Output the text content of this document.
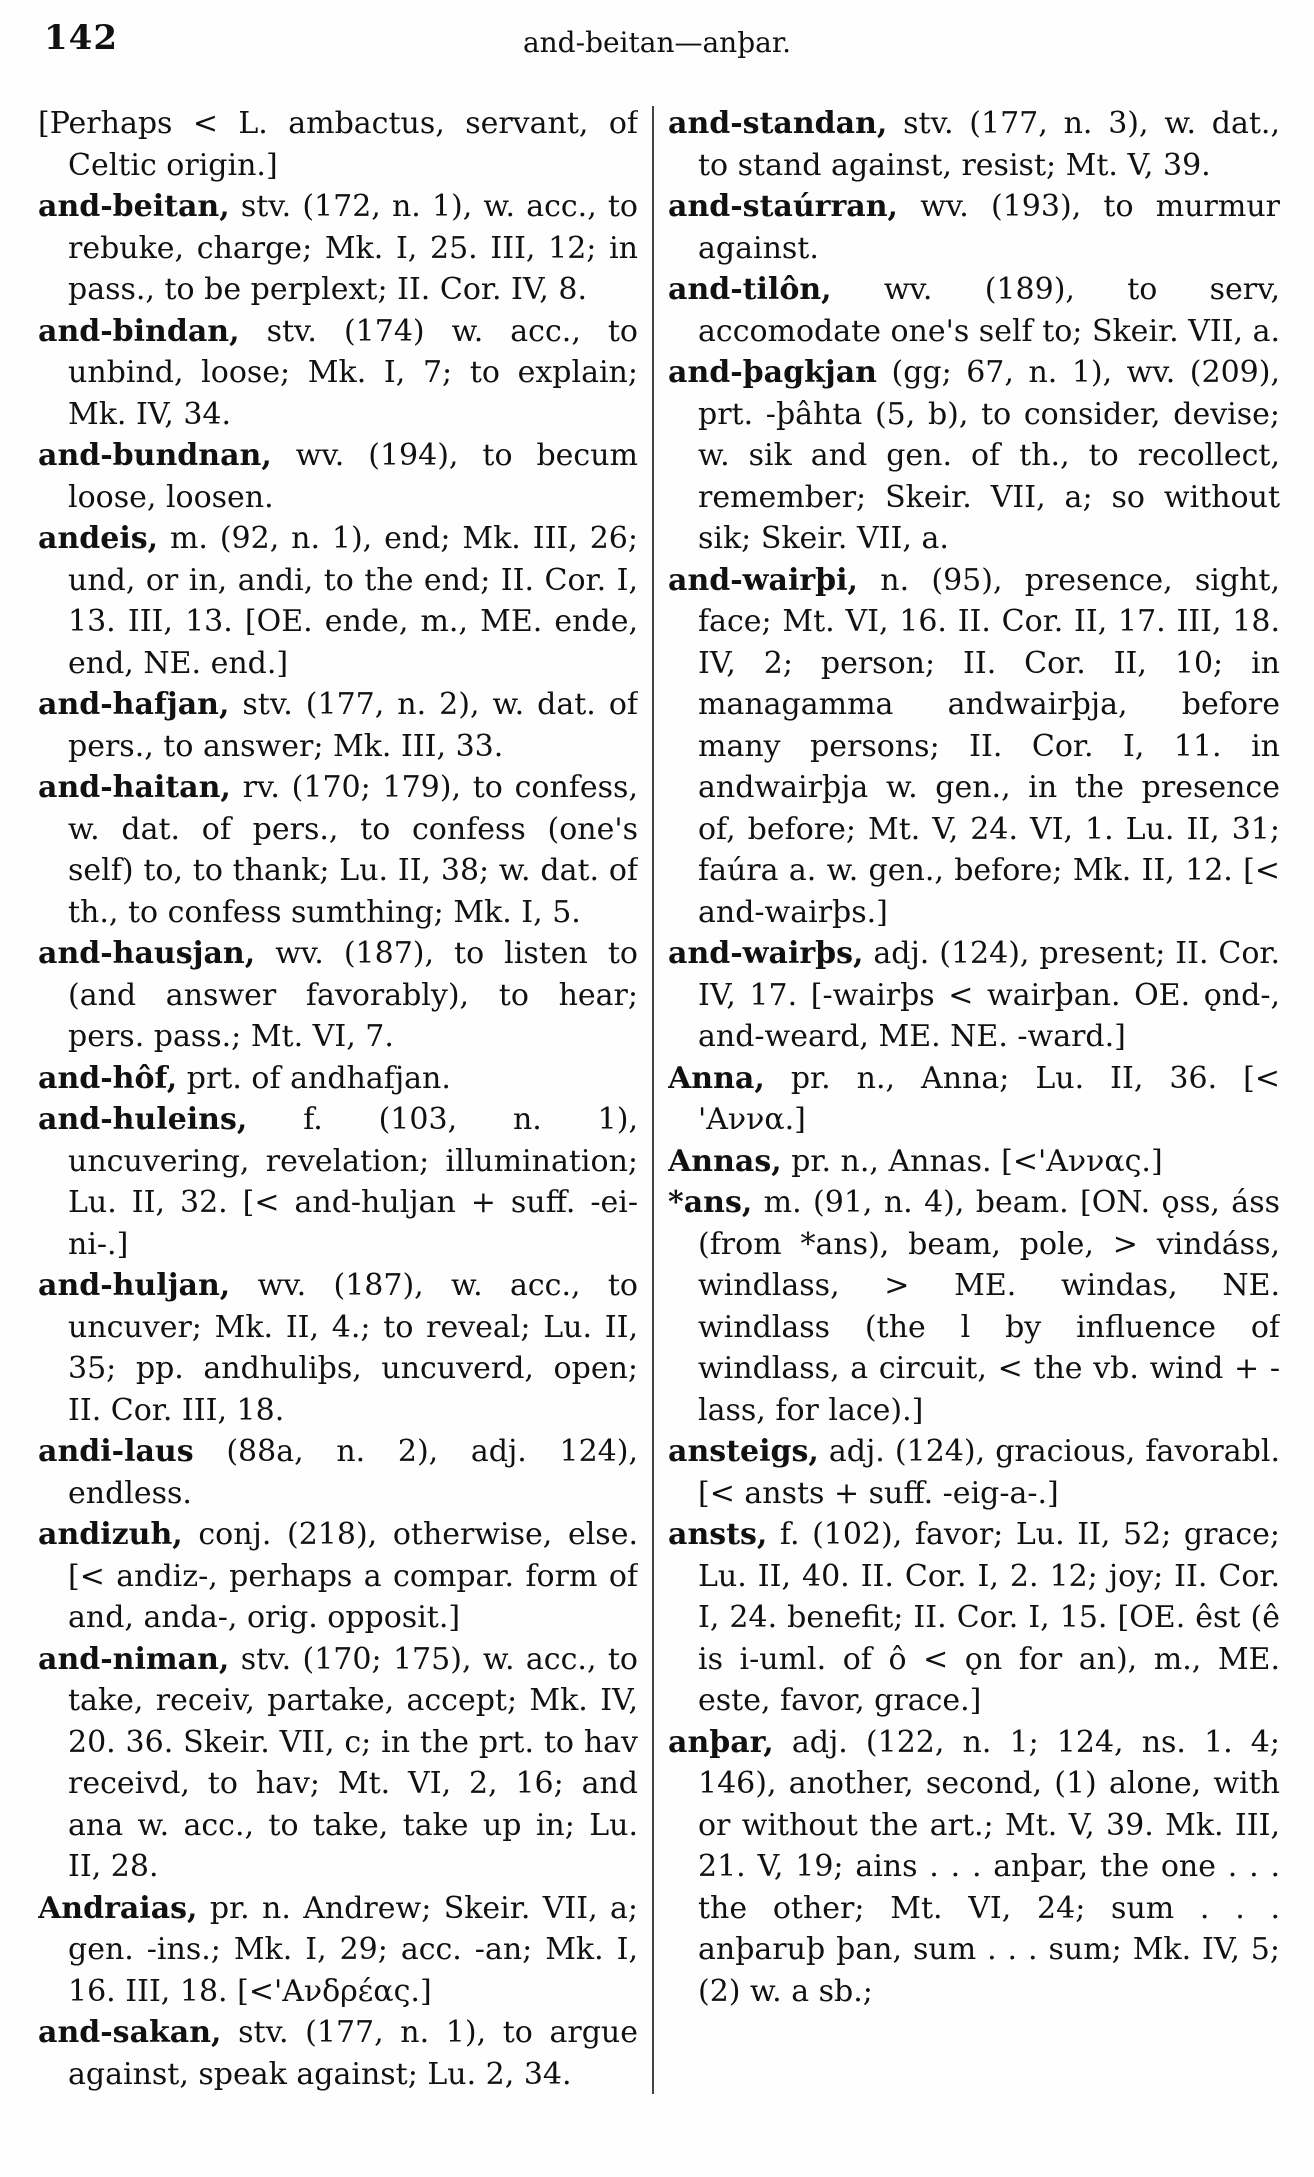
142	and-beitan—anþar.

[Perhaps < L. ambactus, servant, of Celtic origin.]

and-beitan, stv. (172, n. 1), w. acc., to rebuke, charge; Mk. I, 25. III, 12; in pass., to be perplext; II. Cor. IV, 8.

and-bindan, stv. (174) w. acc., to unbind, loose; Mk. I, 7; to explain; Mk. IV, 34.

and-bundnan, wv. (194), to becum loose, loosen.

andeis, m. (92, n. 1), end; Mk. III, 26; und, or in, andi, to the end; II. Cor. I, 13. III, 13. [OE. ende, m., ME. ende, end, NE. end.]

and-hafjan, stv. (177, n. 2), w. dat. of pers., to answer; Mk. III, 33.

and-haitan, rv. (170; 179), to confess, w. dat. of pers., to confess (one's self) to, to thank; Lu. II, 38; w. dat. of th., to confess sumthing; Mk. I, 5.

and-hausjan, wv. (187), to listen to (and answer favorably), to hear; pers. pass.; Mt. VI, 7.

and-hôf, prt. of andhafjan.

and-huleins, f. (103, n. 1), uncuvering, revelation; illumination; Lu. II, 32. [< and-huljan + suff. -ei-ni-.]

and-huljan, wv. (187), w. acc., to uncuver; Mk. II, 4.; to reveal; Lu. II, 35; pp. andhuliþs, uncuverd, open; II. Cor. III, 18.

andi-laus (88a, n. 2), adj. 124), endless.

andizuh, conj. (218), otherwise, else. [< andiz-, perhaps a compar. form of and, anda-, orig. opposit.]

and-niman, stv. (170; 175), w. acc., to take, receiv, partake, accept; Mk. IV, 20. 36. Skeir. VII, c; in the prt. to hav receivd, to hav; Mt. VI, 2, 16; and ana w. acc., to take, take up in; Lu. II, 28.

Andraias, pr. n. Andrew; Skeir. VII, a; gen. -ins.; Mk. I, 29; acc. -an; Mk. I, 16. III, 18. [<'Ανδρέας.]

and-sakan, stv. (177, n. 1), to argue against, speak against; Lu. 2, 34.

and-standan, stv. (177, n. 3), w. dat., to stand against, resist; Mt. V, 39.

and-staúrran, wv. (193), to murmur against.

and-tilôn, wv. (189), to serv, accomodate one's self to; Skeir. VII, a.

and-þagkjan (gg; 67, n. 1), wv. (209), prt. -þâhta (5, b), to consider, devise; w. sik and gen. of th., to recollect, remember; Skeir. VII, a; so without sik; Skeir. VII, a.

and-wairþi, n. (95), presence, sight, face; Mt. VI, 16. II. Cor. II, 17. III, 18. IV, 2; person; II. Cor. II, 10; in managamma andwairþja, before many persons; II. Cor. I, 11. in andwairþja w. gen., in the presence of, before; Mt. V, 24. VI, 1. Lu. II, 31; faúra a. w. gen., before; Mk. II, 12. [< and-wairþs.]

and-wairþs, adj. (124), present; II. Cor. IV, 17. [-wairþs < wairþan. OE. ǫnd-, and-weard, ME. NE. -ward.]

Anna, pr. n., Anna; Lu. II, 36. [< 'Αννα.]

Annas, pr. n., Annas. [<'Αννας.]

*ans, m. (91, n. 4), beam. [ON. ǫss, áss (from *ans), beam, pole, > vindáss, windlass, > ME. windas, NE. windlass (the l by influence of windlass, a circuit, < the vb. wind + -lass, for lace).]

ansteigs, adj. (124), gracious, favorabl. [< ansts + suff. -eig-a-.]

ansts, f. (102), favor; Lu. II, 52; grace; Lu. II, 40. II. Cor. I, 2. 12; joy; II. Cor. I, 24. benefit; II. Cor. I, 15. [OE. êst (ê is i-uml. of ô < ǫn for an), m., ME. este, favor, grace.]

anþar, adj. (122, n. 1; 124, ns. 1. 4; 146), another, second, (1) alone, with or without the art.; Mt. V, 39. Mk. III, 21. V, 19; ains . . . anþar, the one . . . the other; Mt. VI, 24; sum . . . anþaruþ þan, sum . . . sum; Mk. IV, 5; (2) w. a sb.;
